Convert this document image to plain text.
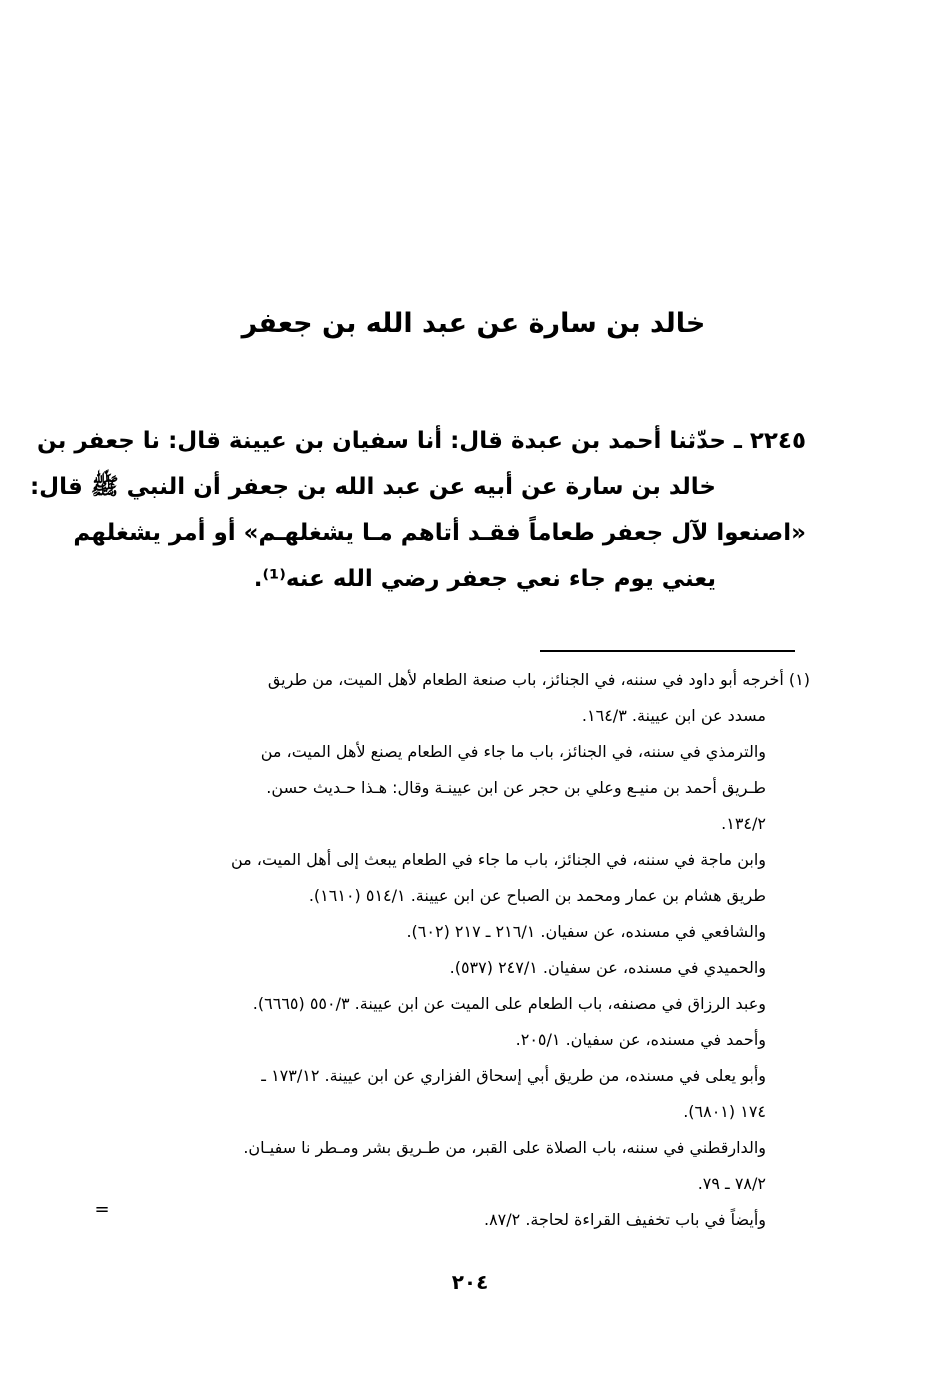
خالد بن سارة عن عبد الله بن جعفر
٢٢٤٥ ـ حدّثنا أحمد بن عبدة قال: أنا سفيان بن عيينة قال: نا جعفر بن
خالد بن سارة عن أبيه عن عبد الله بن جعفر أن النبي ﷺ قال:
«اصنعوا لآل جعفر طعاماً فقـد أتاهم مـا يشغلهـم» أو أمر يشغلهم
يعني يوم جاء نعي جعفر رضي الله عنه⁽¹⁾.
(١) أخرجه أبو داود في سننه، في الجنائز، باب صنعة الطعام لأهل الميت، من طريق
مسدد عن ابن عيينة. ١٦٤/٣.
والترمذي في سننه، في الجنائز، باب ما جاء في الطعام يصنع لأهل الميت، من
طـريق أحمد بن منيـع وعلي بن حجر عن ابن عيينـة وقال: هـذا حـديث حسن.
١٣٤/٢.
وابن ماجة في سننه، في الجنائز، باب ما جاء في الطعام يبعث إلى أهل الميت، من
طريق هشام بن عمار ومحمد بن الصباح عن ابن عيينة. ٥١٤/١ (١٦١٠).
والشافعي في مسنده، عن سفيان. ٢١٦/١ ـ ٢١٧ (٦٠٢).
والحميدي في مسنده، عن سفيان. ٢٤٧/١ (٥٣٧).
وعبد الرزاق في مصنفه، باب الطعام على الميت عن ابن عيينة. ٥٥٠/٣ (٦٦٦٥).
وأحمد في مسنده، عن سفيان. ٢٠٥/١.
وأبو يعلى في مسنده، من طريق أبي إسحاق الفزاري عن ابن عيينة. ١٧٣/١٢ ـ
١٧٤ (٦٨٠١).
والدارقطني في سننه، باب الصلاة على القبر، من طـريق بشر ومـطر نا سفيـان.
٧٨/٢ ـ ٧٩.
وأيضاً في باب تخفيف القراءة لحاجة. ٨٧/٢.
=
٢٠٤
